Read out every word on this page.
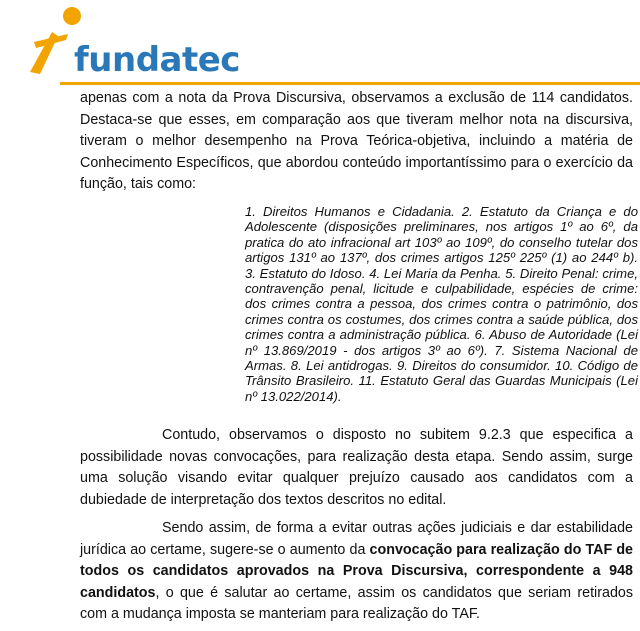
fundatec

apenas com a nota da Prova Discursiva, observamos a exclusão de 114 candidatos. Destaca-se que esses, em comparação aos que tiveram melhor nota na discursiva, tiveram o melhor desempenho na Prova Teórica-objetiva, incluindo a matéria de Conhecimento Específicos, que abordou conteúdo importantíssimo para o exercício da função, tais como:

1. Direitos Humanos e Cidadania. 2. Estatuto da Criança e do Adolescente (disposições preliminares, nos artigos 1º ao 6º, da pratica do ato infracional art 103º ao 109º, do conselho tutelar dos artigos 131º ao 137º, dos crimes artigos 125º 225º (1) ao 244º b). 3. Estatuto do Idoso. 4. Lei Maria da Penha. 5. Direito Penal: crime, contravenção penal, licitude e culpabilidade, espécies de crime: dos crimes contra a pessoa, dos crimes contra o patrimônio, dos crimes contra os costumes, dos crimes contra a saúde pública, dos crimes contra a administração pública. 6. Abuso de Autoridade (Lei nº 13.869/2019 - dos artigos 3º ao 6º). 7. Sistema Nacional de Armas. 8. Lei antidrogas. 9. Direitos do consumidor. 10. Código de Trânsito Brasileiro. 11. Estatuto Geral das Guardas Municipais (Lei nº 13.022/2014).

Contudo, observamos o disposto no subitem 9.2.3 que especifica a possibilidade novas convocações, para realização desta etapa. Sendo assim, surge uma solução visando evitar qualquer prejuízo causado aos candidatos com a dubiedade de interpretação dos textos descritos no edital.

Sendo assim, de forma a evitar outras ações judiciais e dar estabilidade jurídica ao certame, sugere-se o aumento da convocação para realização do TAF de todos os candidatos aprovados na Prova Discursiva, correspondente a 948 candidatos, o que é salutar ao certame, assim os candidatos que seriam retirados com a mudança imposta se manteriam para realização do TAF.
